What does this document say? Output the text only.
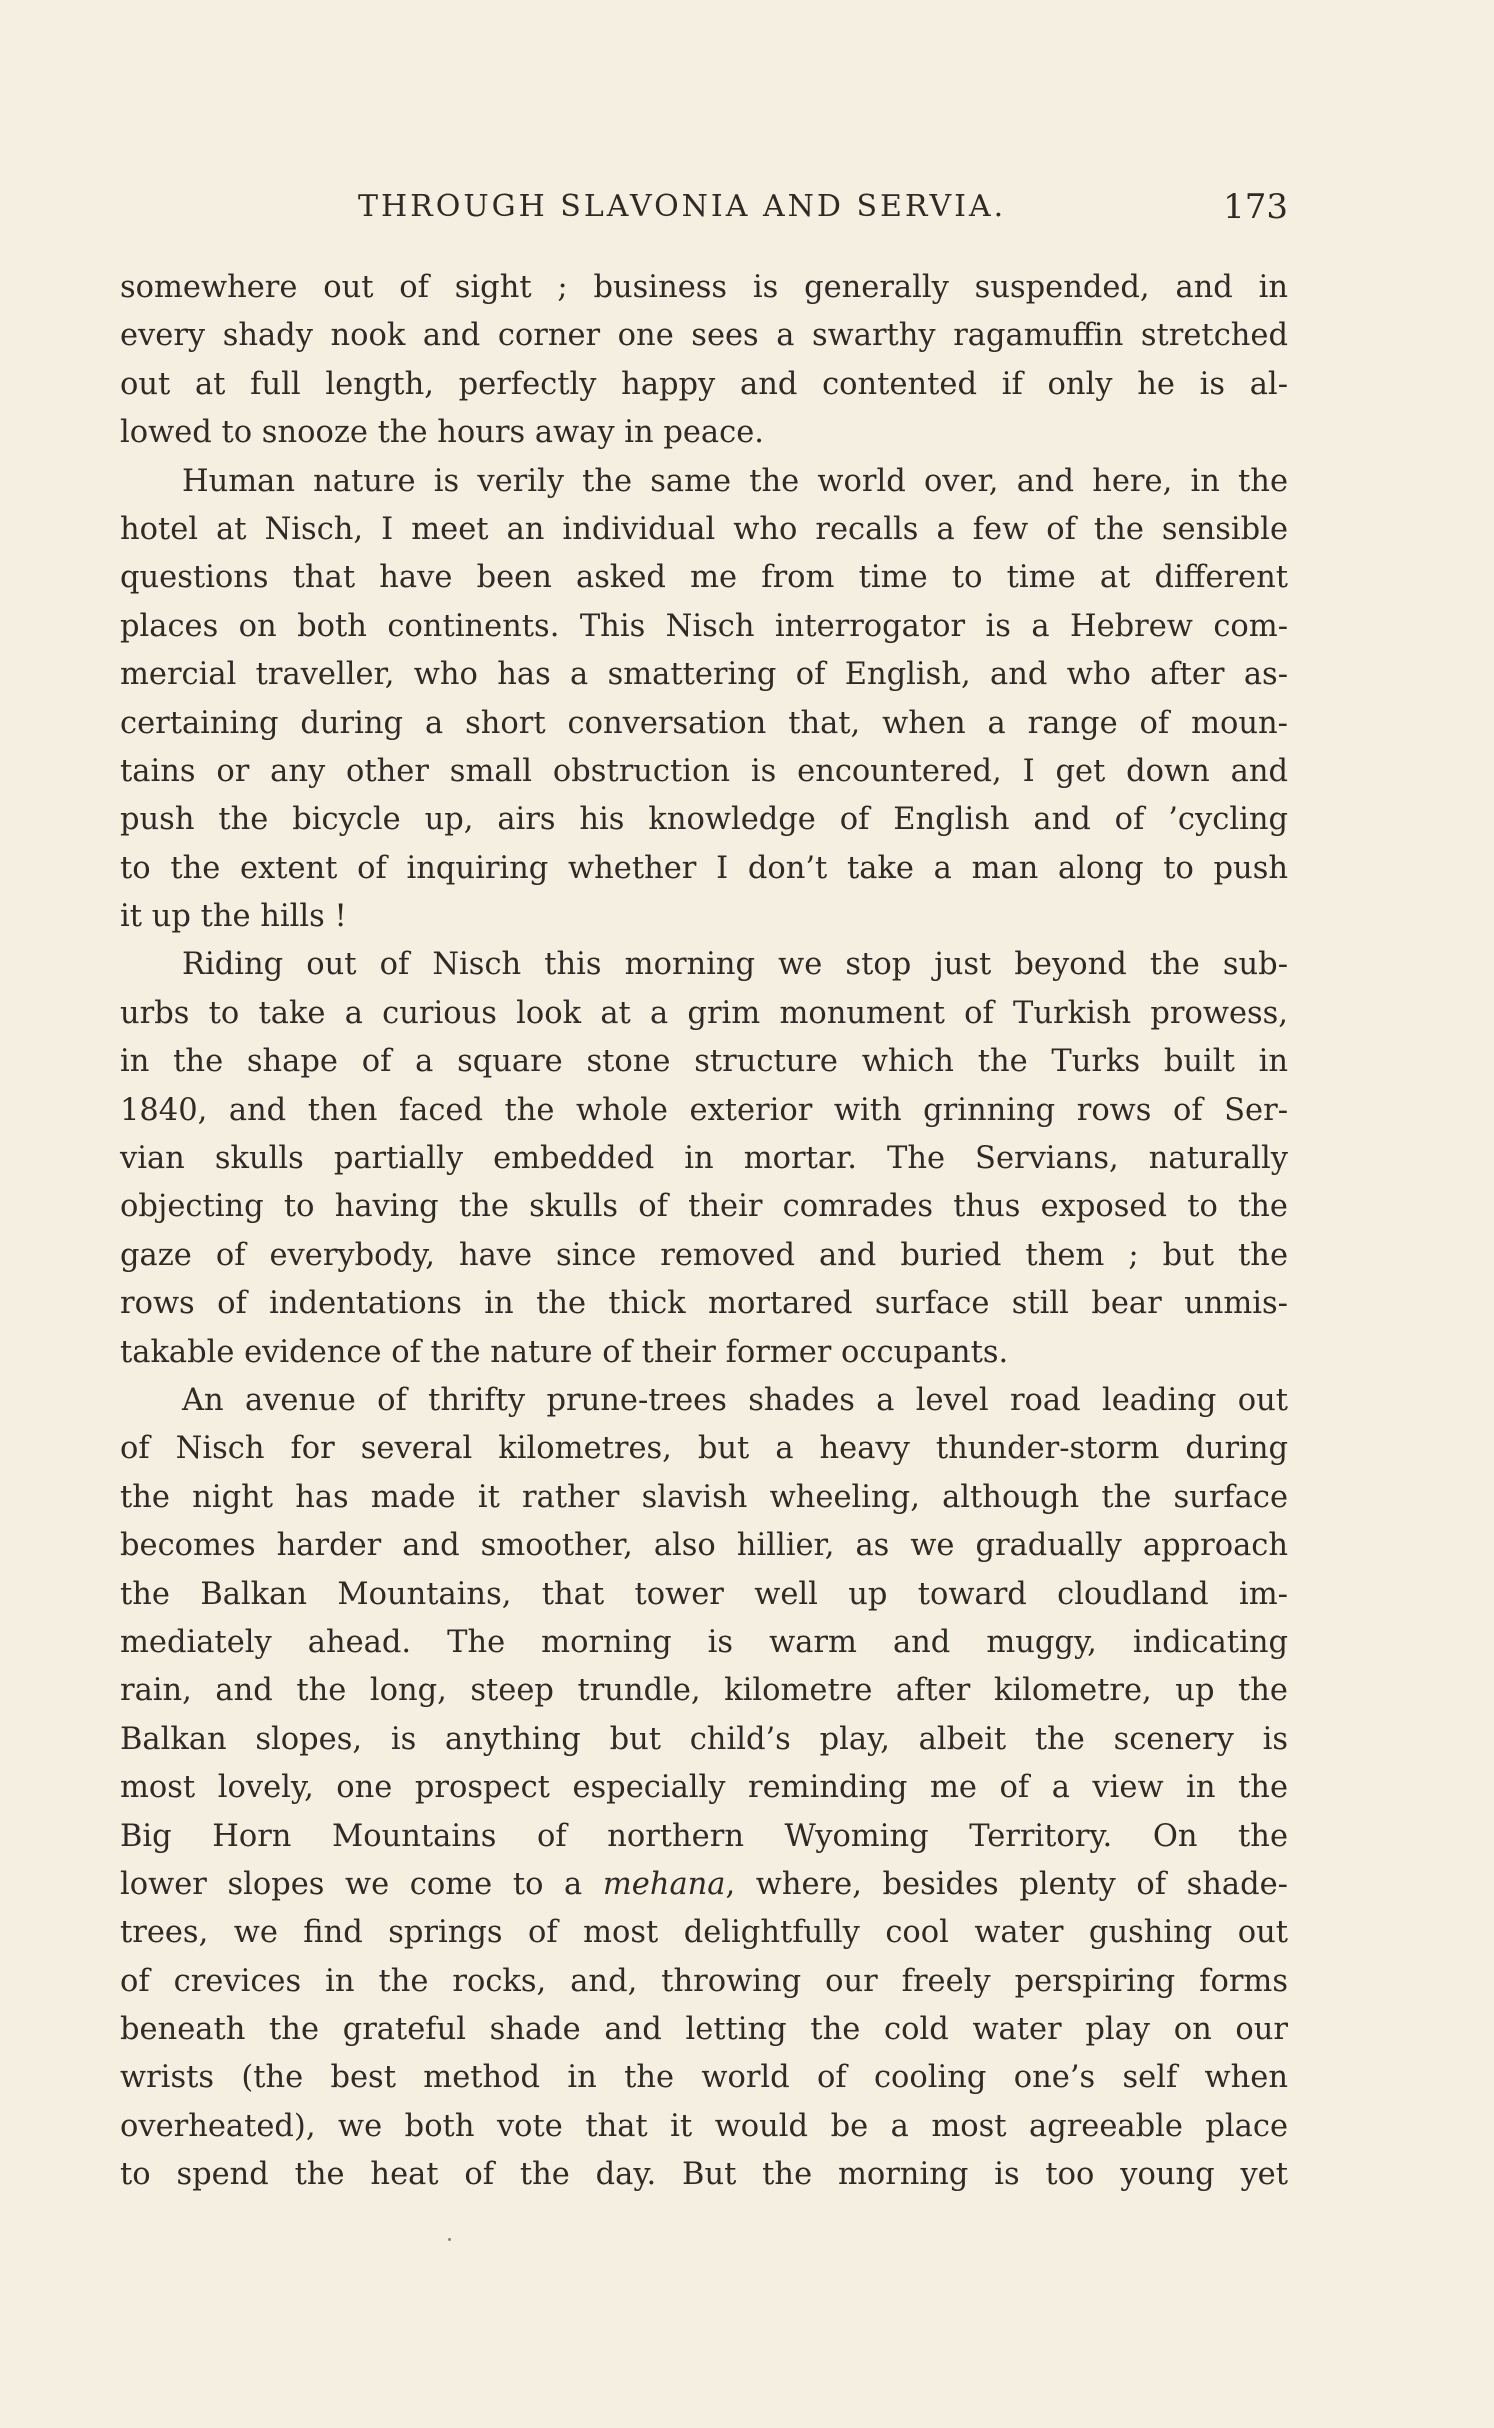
THROUGH SLAVONIA AND SERVIA.	173
somewhere out of sight ; business is generally suspended, and in
every shady nook and corner one sees a swarthy ragamuffin stretched
out at full length, perfectly happy and contented if only he is al-
lowed to snooze the hours away in peace.
Human nature is verily the same the world over, and here, in the
hotel at Nisch, I meet an individual who recalls a few of the sensible
questions that have been asked me from time to time at different
places on both continents. This Nisch interrogator is a Hebrew com-
mercial traveller, who has a smattering of English, and who after as-
certaining during a short conversation that, when a range of moun-
tains or any other small obstruction is encountered, I get down and
push the bicycle up, airs his knowledge of English and of ’cycling
to the extent of inquiring whether I don’t take a man along to push
it up the hills !
Riding out of Nisch this morning we stop just beyond the sub-
urbs to take a curious look at a grim monument of Turkish prowess,
in the shape of a square stone structure which the Turks built in
1840, and then faced the whole exterior with grinning rows of Ser-
vian skulls partially embedded in mortar. The Servians, naturally
objecting to having the skulls of their comrades thus exposed to the
gaze of everybody, have since removed and buried them ; but the
rows of indentations in the thick mortared surface still bear unmis-
takable evidence of the nature of their former occupants.
An avenue of thrifty prune-trees shades a level road leading out
of Nisch for several kilometres, but a heavy thunder-storm during
the night has made it rather slavish wheeling, although the surface
becomes harder and smoother, also hillier, as we gradually approach
the Balkan Mountains, that tower well up toward cloudland im-
mediately ahead. The morning is warm and muggy, indicating
rain, and the long, steep trundle, kilometre after kilometre, up the
Balkan slopes, is anything but child’s play, albeit the scenery is
most lovely, one prospect especially reminding me of a view in the
Big Horn Mountains of northern Wyoming Territory. On the
lower slopes we come to a mehana, where, besides plenty of shade-
trees, we find springs of most delightfully cool water gushing out
of crevices in the rocks, and, throwing our freely perspiring forms
beneath the grateful shade and letting the cold water play on our
wrists (the best method in the world of cooling one’s self when
overheated), we both vote that it would be a most agreeable place
to spend the heat of the day. But the morning is too young yet
